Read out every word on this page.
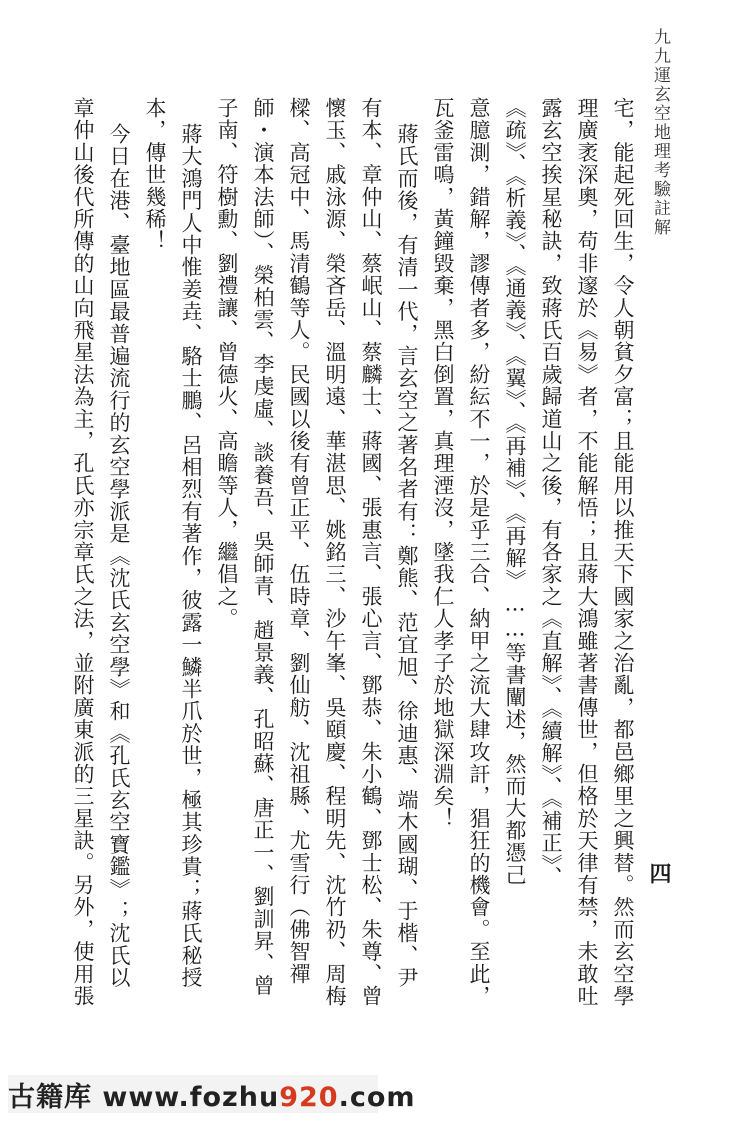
九九運玄空地理考驗註解
四
宅，能起死回生，令人朝貧夕富；且能用以推天下國家之治亂，都邑鄉里之興替。然而玄空學
理廣袤深奧，苟非邃於《易》者，不能解悟；且蔣大鴻雖著書傳世，但格於天律有禁，未敢吐
露玄空挨星秘訣，致蔣氏百歲歸道山之後，有各家之《直解》、《續解》、《補正》、
《疏》、《析義》、《通義》、《翼》、《再補》、《再解》……等書闡述，然而大都憑己
意臆測，錯解，謬傳者多，紛紜不一，於是乎三合、納甲之流大肆攻訐，猖狂的機會。至此，
瓦釜雷鳴，黃鐘毀棄，黑白倒置，真理湮沒，墜我仁人孝子於地獄深淵矣！
蔣氏而後，有清一代，言玄空之著名者有：鄭熊、范宜旭、徐迪惠、端木國瑚、于楷、尹
有本、章仲山、蔡岷山、蔡麟士、蔣國、張惠言、張心言、鄧恭、朱小鶴、鄧士松、朱尊、曾
懷玉、戚泳源、榮吝岳、溫明遠、華湛思、姚銘三、沙午峯、吳頤慶、程明先、沈竹礽、周梅
樑、高冠中、馬清鶴等人。民國以後有曾正平、伍時章、劉仙舫、沈祖縣、尤雪行（佛智禪
師・演本法師）、榮柏雲、李虔虛、談養吾、吳師青、趙景義、孔昭蘇、唐正一、劉訓昇、曾
子南、符樹勳、劉禮讓、曾德火、高瞻等人，繼倡之。
蔣大鴻門人中惟姜垚、駱士鵬、呂相烈有著作，彼露一鱗半爪於世，極其珍貴；蔣氏秘授
本，傳世幾稀！
今日在港、臺地區最普遍流行的玄空學派是《沈氏玄空學》和《孔氏玄空寶鑑》；沈氏以
章仲山後代所傳的山向飛星法為主，孔氏亦宗章氏之法，並附廣東派的三星訣。另外，使用張
古籍库 www.fozhu920.com
